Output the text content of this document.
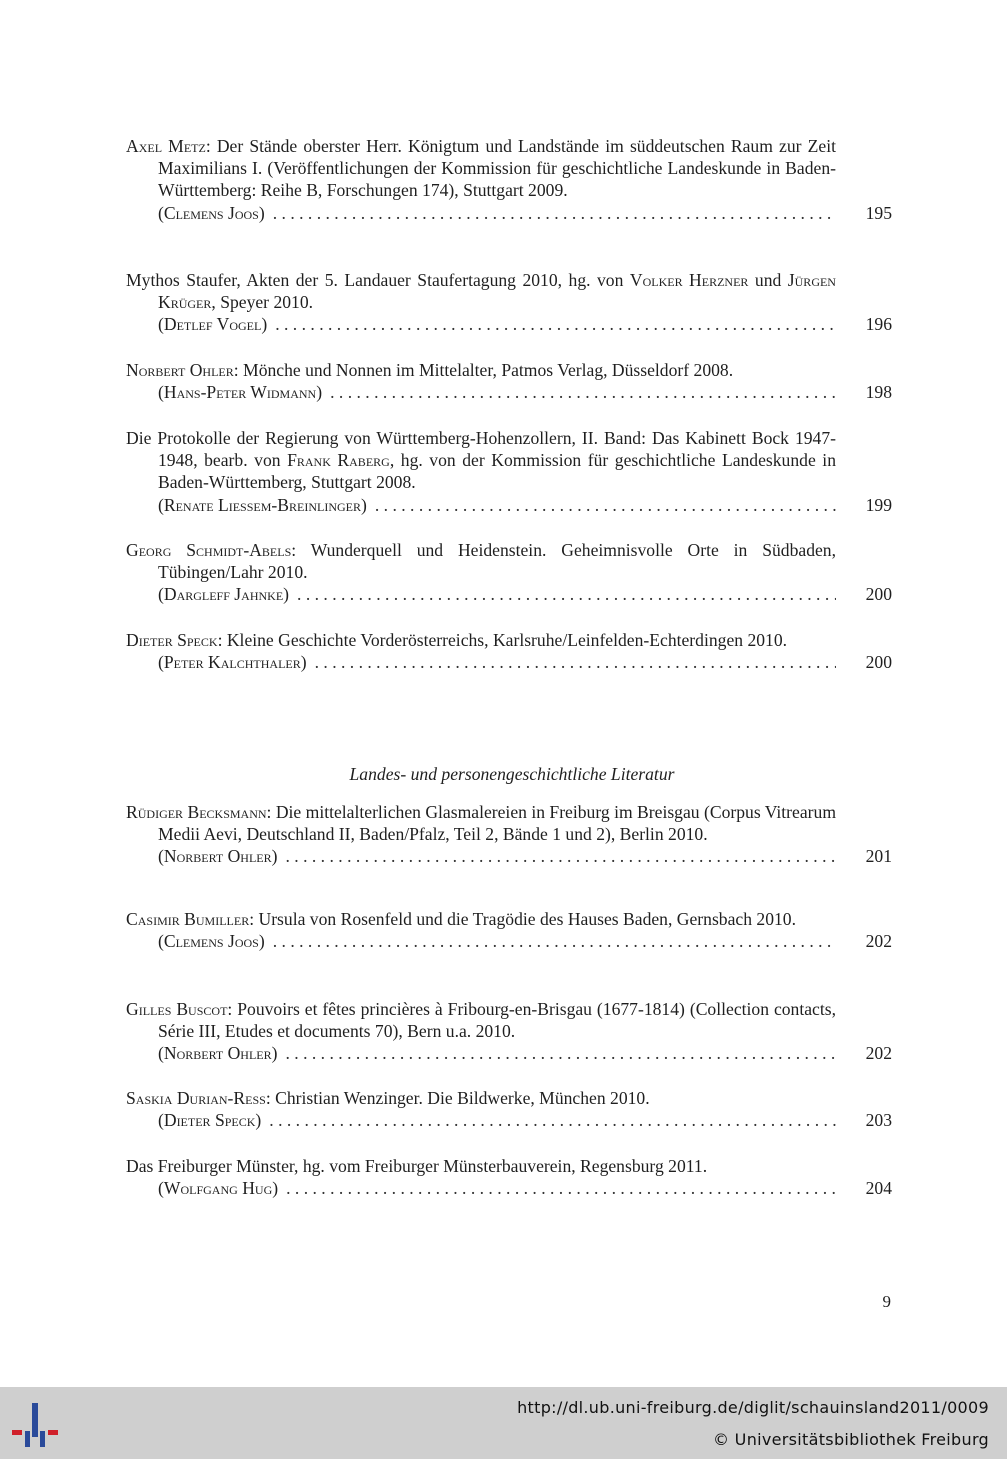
Axel Metz: Der Stände oberster Herr. Königtum und Landstände im süddeutschen Raum zur Zeit Maximilians I. (Veröffentlichungen der Kommission für geschichtliche Landeskunde in Baden-Württemberg: Reihe B, Forschungen 174), Stuttgart 2009.
(Clemens Joos) . . .	195
Mythos Staufer, Akten der 5. Landauer Staufertagung 2010, hg. von Volker Herzner und Jürgen Krüger, Speyer 2010.
(Detlef Vogel) . . .	196
Norbert Ohler: Mönche und Nonnen im Mittelalter, Patmos Verlag, Düsseldorf 2008.
(Hans-Peter Widmann) . . .	198
Die Protokolle der Regierung von Württemberg-Hohenzollern, II. Band: Das Kabinett Bock 1947-1948, bearb. von Frank Raberg, hg. von der Kommission für geschichtliche Landeskunde in Baden-Württemberg, Stuttgart 2008.
(Renate Liessem-Breinlinger) . . .	199
Georg Schmidt-Abels: Wunderquell und Heidenstein. Geheimnisvolle Orte in Südbaden, Tübingen/Lahr 2010.
(Dargleff Jahnke) . . .	200
Dieter Speck: Kleine Geschichte Vorderösterreichs, Karlsruhe/Leinfelden-Echterdingen 2010.
(Peter Kalchthaler) . . .	200
Landes- und personengeschichtliche Literatur
Rüdiger Becksmann: Die mittelalterlichen Glasmalereien in Freiburg im Breisgau (Corpus Vitrearum Medii Aevi, Deutschland II, Baden/Pfalz, Teil 2, Bände 1 und 2), Berlin 2010.
(Norbert Ohler) . . .	201
Casimir Bumiller: Ursula von Rosenfeld und die Tragödie des Hauses Baden, Gernsbach 2010.
(Clemens Joos) . . .	202
Gilles Buscot: Pouvoirs et fêtes princières à Fribourg-en-Brisgau (1677-1814) (Collection contacts, Série III, Etudes et documents 70), Bern u.a. 2010.
(Norbert Ohler) . . .	202
Saskia Durian-Ress: Christian Wenzinger. Die Bildwerke, München 2010.
(Dieter Speck) . . .	203
Das Freiburger Münster, hg. vom Freiburger Münsterbauverein, Regensburg 2011.
(Wolfgang Hug) . . .	204
9
http://dl.ub.uni-freiburg.de/diglit/schauinsland2011/0009
© Universitätsbibliothek Freiburg
